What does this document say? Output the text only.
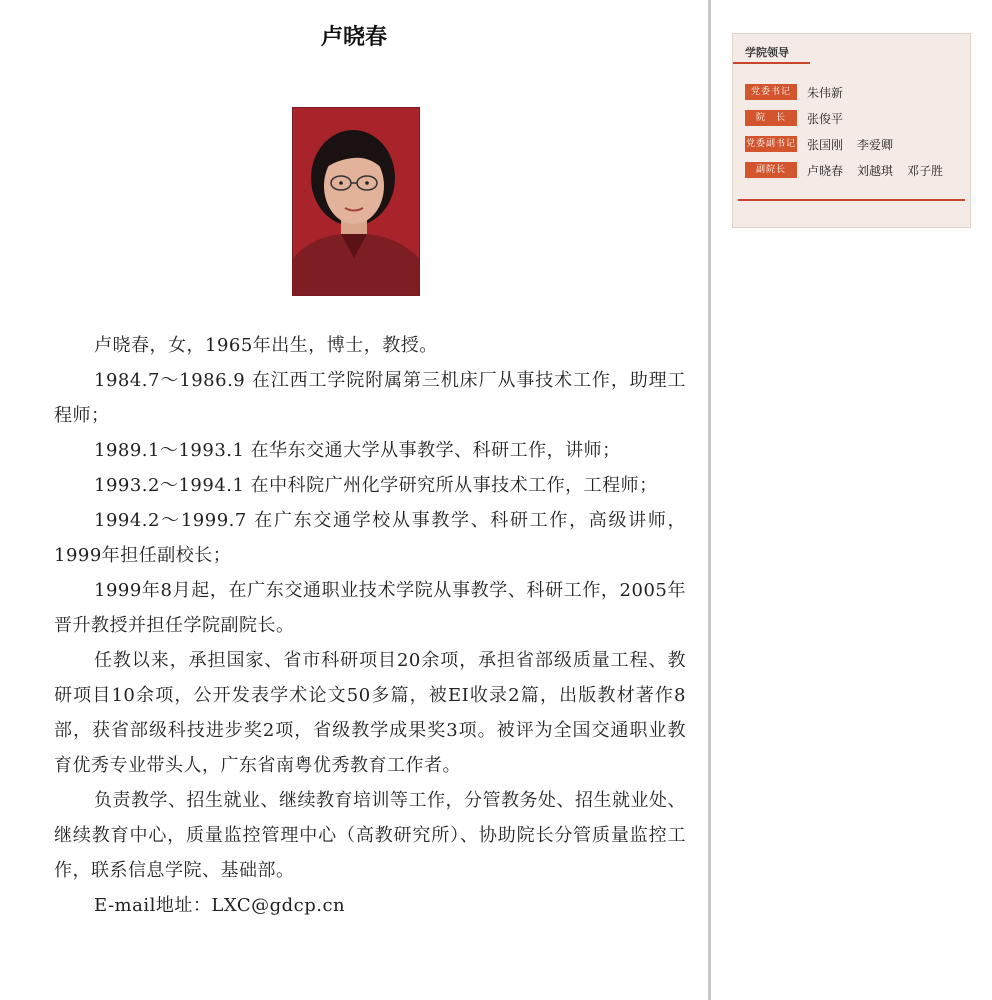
卢晓春

卢晓春，女，1965年出生，博士，教授。

1984.7～1986.9 在江西工学院附属第三机床厂从事技术工作，助理工程师；

1989.1～1993.1 在华东交通大学从事教学、科研工作，讲师；

1993.2～1994.1 在中科院广州化学研究所从事技术工作，工程师；

1994.2～1999.7 在广东交通学校从事教学、科研工作，高级讲师，1999年担任副校长；

1999年8月起，在广东交通职业技术学院从事教学、科研工作，2005年晋升教授并担任学院副院长。

任教以来，承担国家、省市科研项目20余项，承担省部级质量工程、教研项目10余项，公开发表学术论文50多篇，被EI收录2篇，出版教材著作8部，获省部级科技进步奖2项，省级教学成果奖3项。被评为全国交通职业教育优秀专业带头人，广东省南粤优秀教育工作者。

负责教学、招生就业、继续教育培训等工作，分管教务处、招生就业处、继续教育中心，质量监控管理中心（高教研究所）、协助院长分管质量监控工作，联系信息学院、基础部。

E-mail地址：LXC@gdcp.cn

学院领导
党委书记	朱伟新
院　长	张俊平
党委副书记 张国刚 李爱卿
副院长	卢晓春 刘越琪 邓子胜
